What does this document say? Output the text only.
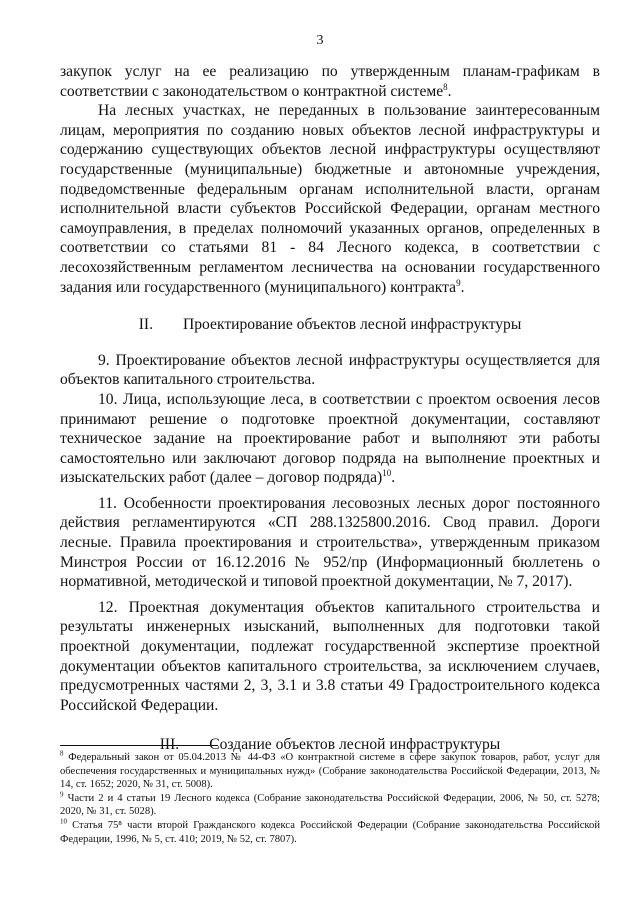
3

закупок услуг на ее реализацию по утвержденным планам-графикам в соответствии с законодательством о контрактной системе$^8$.

На лесных участках, не переданных в пользование заинтересованным лицам, мероприятия по созданию новых объектов лесной инфраструктуры и содержанию существующих объектов лесной инфраструктуры осуществляют государственные (муниципальные) бюджетные и автономные учреждения, подведомственные федеральным органам исполнительной власти, органам исполнительной власти субъектов Российской Федерации, органам местного самоуправления, в пределах полномочий указанных органов, определенных в соответствии со статьями 81 - 84 Лесного кодекса, в соответствии с лесохозяйственным регламентом лесничества на основании государственного задания или государственного (муниципального) контракта$^9$.

II. Проектирование объектов лесной инфраструктуры

9. Проектирование объектов лесной инфраструктуры осуществляется для объектов капитального строительства.

10. Лица, использующие леса, в соответствии с проектом освоения лесов принимают решение о подготовке проектной документации, составляют техническое задание на проектирование работ и выполняют эти работы самостоятельно или заключают договор подряда на выполнение проектных и изыскательских работ (далее – договор подряда)$^{10}$.

11. Особенности проектирования лесовозных лесных дорог постоянного действия регламентируются «СП 288.1325800.2016. Свод правил. Дороги лесные. Правила проектирования и строительства», утвержденным приказом Минстроя России от 16.12.2016 № 952/пр (Информационный бюллетень о нормативной, методической и типовой проектной документации, № 7, 2017).

12. Проектная документация объектов капитального строительства и результаты инженерных изысканий, выполненных для подготовки такой проектной документации, подлежат государственной экспертизе проектной документации объектов капитального строительства, за исключением случаев, предусмотренных частями 2, 3, 3.1 и 3.8 статьи 49 Градостроительного кодекса Российской Федерации.

III. Создание объектов лесной инфраструктуры

$^8$ Федеральный закон от 05.04.2013 № 44-ФЗ «О контрактной системе в сфере закупок товаров, работ, услуг для обеспечения государственных и муниципальных нужд» (Собрание законодательства Российской Федерации, 2013, № 14, ст. 1652; 2020, № 31, ст. 5008).

$^9$ Части 2 и 4 статьи 19 Лесного кодекса (Собрание законодательства Российской Федерации, 2006, № 50, ст. 5278; 2020, № 31, ст. 5028).

$^{10}$ Статья 75⁸ части второй Гражданского кодекса Российской Федерации (Собрание законодательства Российской Федерации, 1996, № 5, ст. 410; 2019, № 52, ст. 7807).
